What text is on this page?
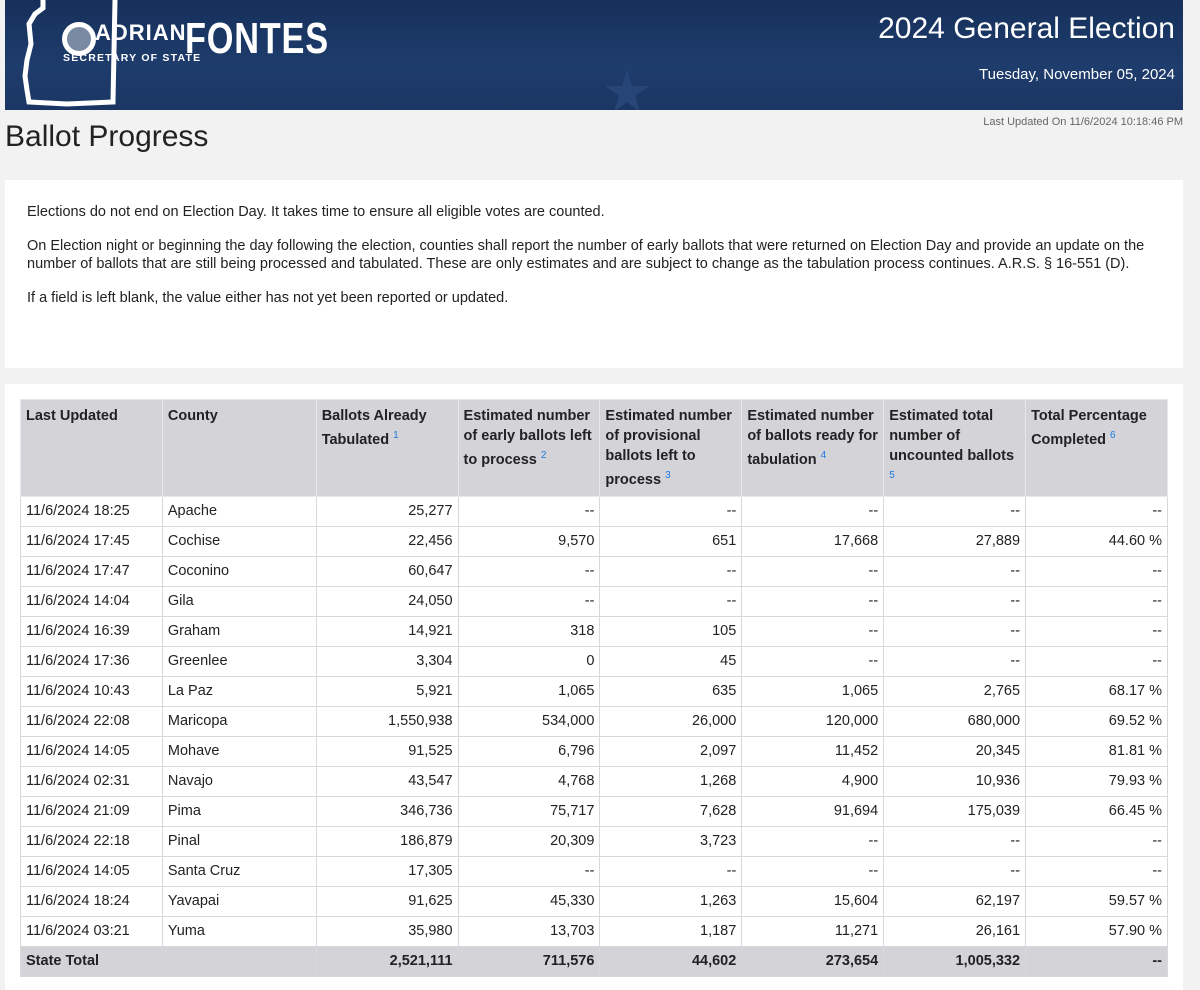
ADRIAN
FONTES
SECRETARY OF STATE
2024 General Election
Tuesday, November 05, 2024
Last Updated On 11/6/2024 10:18:46 PM
Ballot Progress

Elections do not end on Election Day. It takes time to ensure all eligible votes are counted.

On Election night or beginning the day following the election, counties shall report the number of early ballots that were returned on Election Day and provide an update on the number of ballots that are still being processed and tabulated. These are only estimates and are subject to change as the tabulation process continues. A.R.S. § 16-551 (D).

If a field is left blank, the value either has not yet been reported or updated.

Last Updated	County	Ballots Already Tabulated $^1$	Estimated number of early ballots left to process $^2$	Estimated number of provisional ballots left to process $^3$	Estimated number of ballots ready for tabulation $^4$	Estimated total number of uncounted ballots $^5$	Total Percentage Completed $^6$
11/6/2024 18:25	Apache	25,277	--	--	--	--	--
11/6/2024 17:45	Cochise	22,456	9,570	651	17,668	27,889	44.60 %
11/6/2024 17:47	Coconino	60,647	--	--	--	--	--
11/6/2024 14:04	Gila	24,050	--	--	--	--	--
11/6/2024 16:39	Graham	14,921	318	105	--	--	--
11/6/2024 17:36	Greenlee	3,304	0	45	--	--	--
11/6/2024 10:43	La Paz	5,921	1,065	635	1,065	2,765	68.17 %
11/6/2024 22:08	Maricopa	1,550,938	534,000	26,000	120,000	680,000	69.52 %
11/6/2024 14:05	Mohave	91,525	6,796	2,097	11,452	20,345	81.81 %
11/6/2024 02:31	Navajo	43,547	4,768	1,268	4,900	10,936	79.93 %
11/6/2024 21:09	Pima	346,736	75,717	7,628	91,694	175,039	66.45 %
11/6/2024 22:18	Pinal	186,879	20,309	3,723	--	--	--
11/6/2024 14:05	Santa Cruz	17,305	--	--	--	--	--
11/6/2024 18:24	Yavapai	91,625	45,330	1,263	15,604	62,197	59.57 %
11/6/2024 03:21	Yuma	35,980	13,703	1,187	11,271	26,161	57.90 %
State Total		2,521,111	711,576	44,602	273,654	1,005,332	--
